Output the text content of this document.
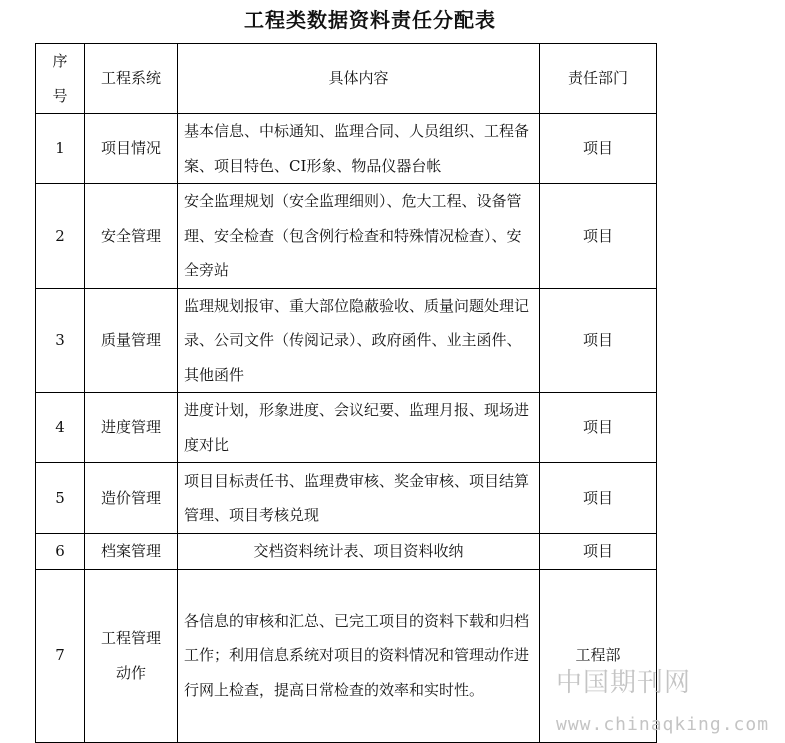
工程类数据资料责任分配表
序号	工程系统	具体内容	责任部门
1	项目情况	基本信息、中标通知、监理合同、人员组织、工程备案、项目特色、CI形象、物品仪器台帐	项目
2	安全管理	安全监理规划（安全监理细则）、危大工程、设备管理、安全检查（包含例行检查和特殊情况检查）、安全旁站	项目
3	质量管理	监理规划报审、重大部位隐蔽验收、质量问题处理记录、公司文件（传阅记录）、政府函件、业主函件、其他函件	项目
4	进度管理	进度计划，形象进度、会议纪要、监理月报、现场进度对比	项目
5	造价管理	项目目标责任书、监理费审核、奖金审核、项目结算管理、项目考核兑现	项目
6	档案管理	交档资料统计表、项目资料收纳	项目
7	工程管理动作	各信息的审核和汇总、已完工项目的资料下载和归档工作；利用信息系统对项目的资料情况和管理动作进行网上检查，提高日常检查的效率和实时性。	工程部
中国期刊网
www.chinaqking.com
